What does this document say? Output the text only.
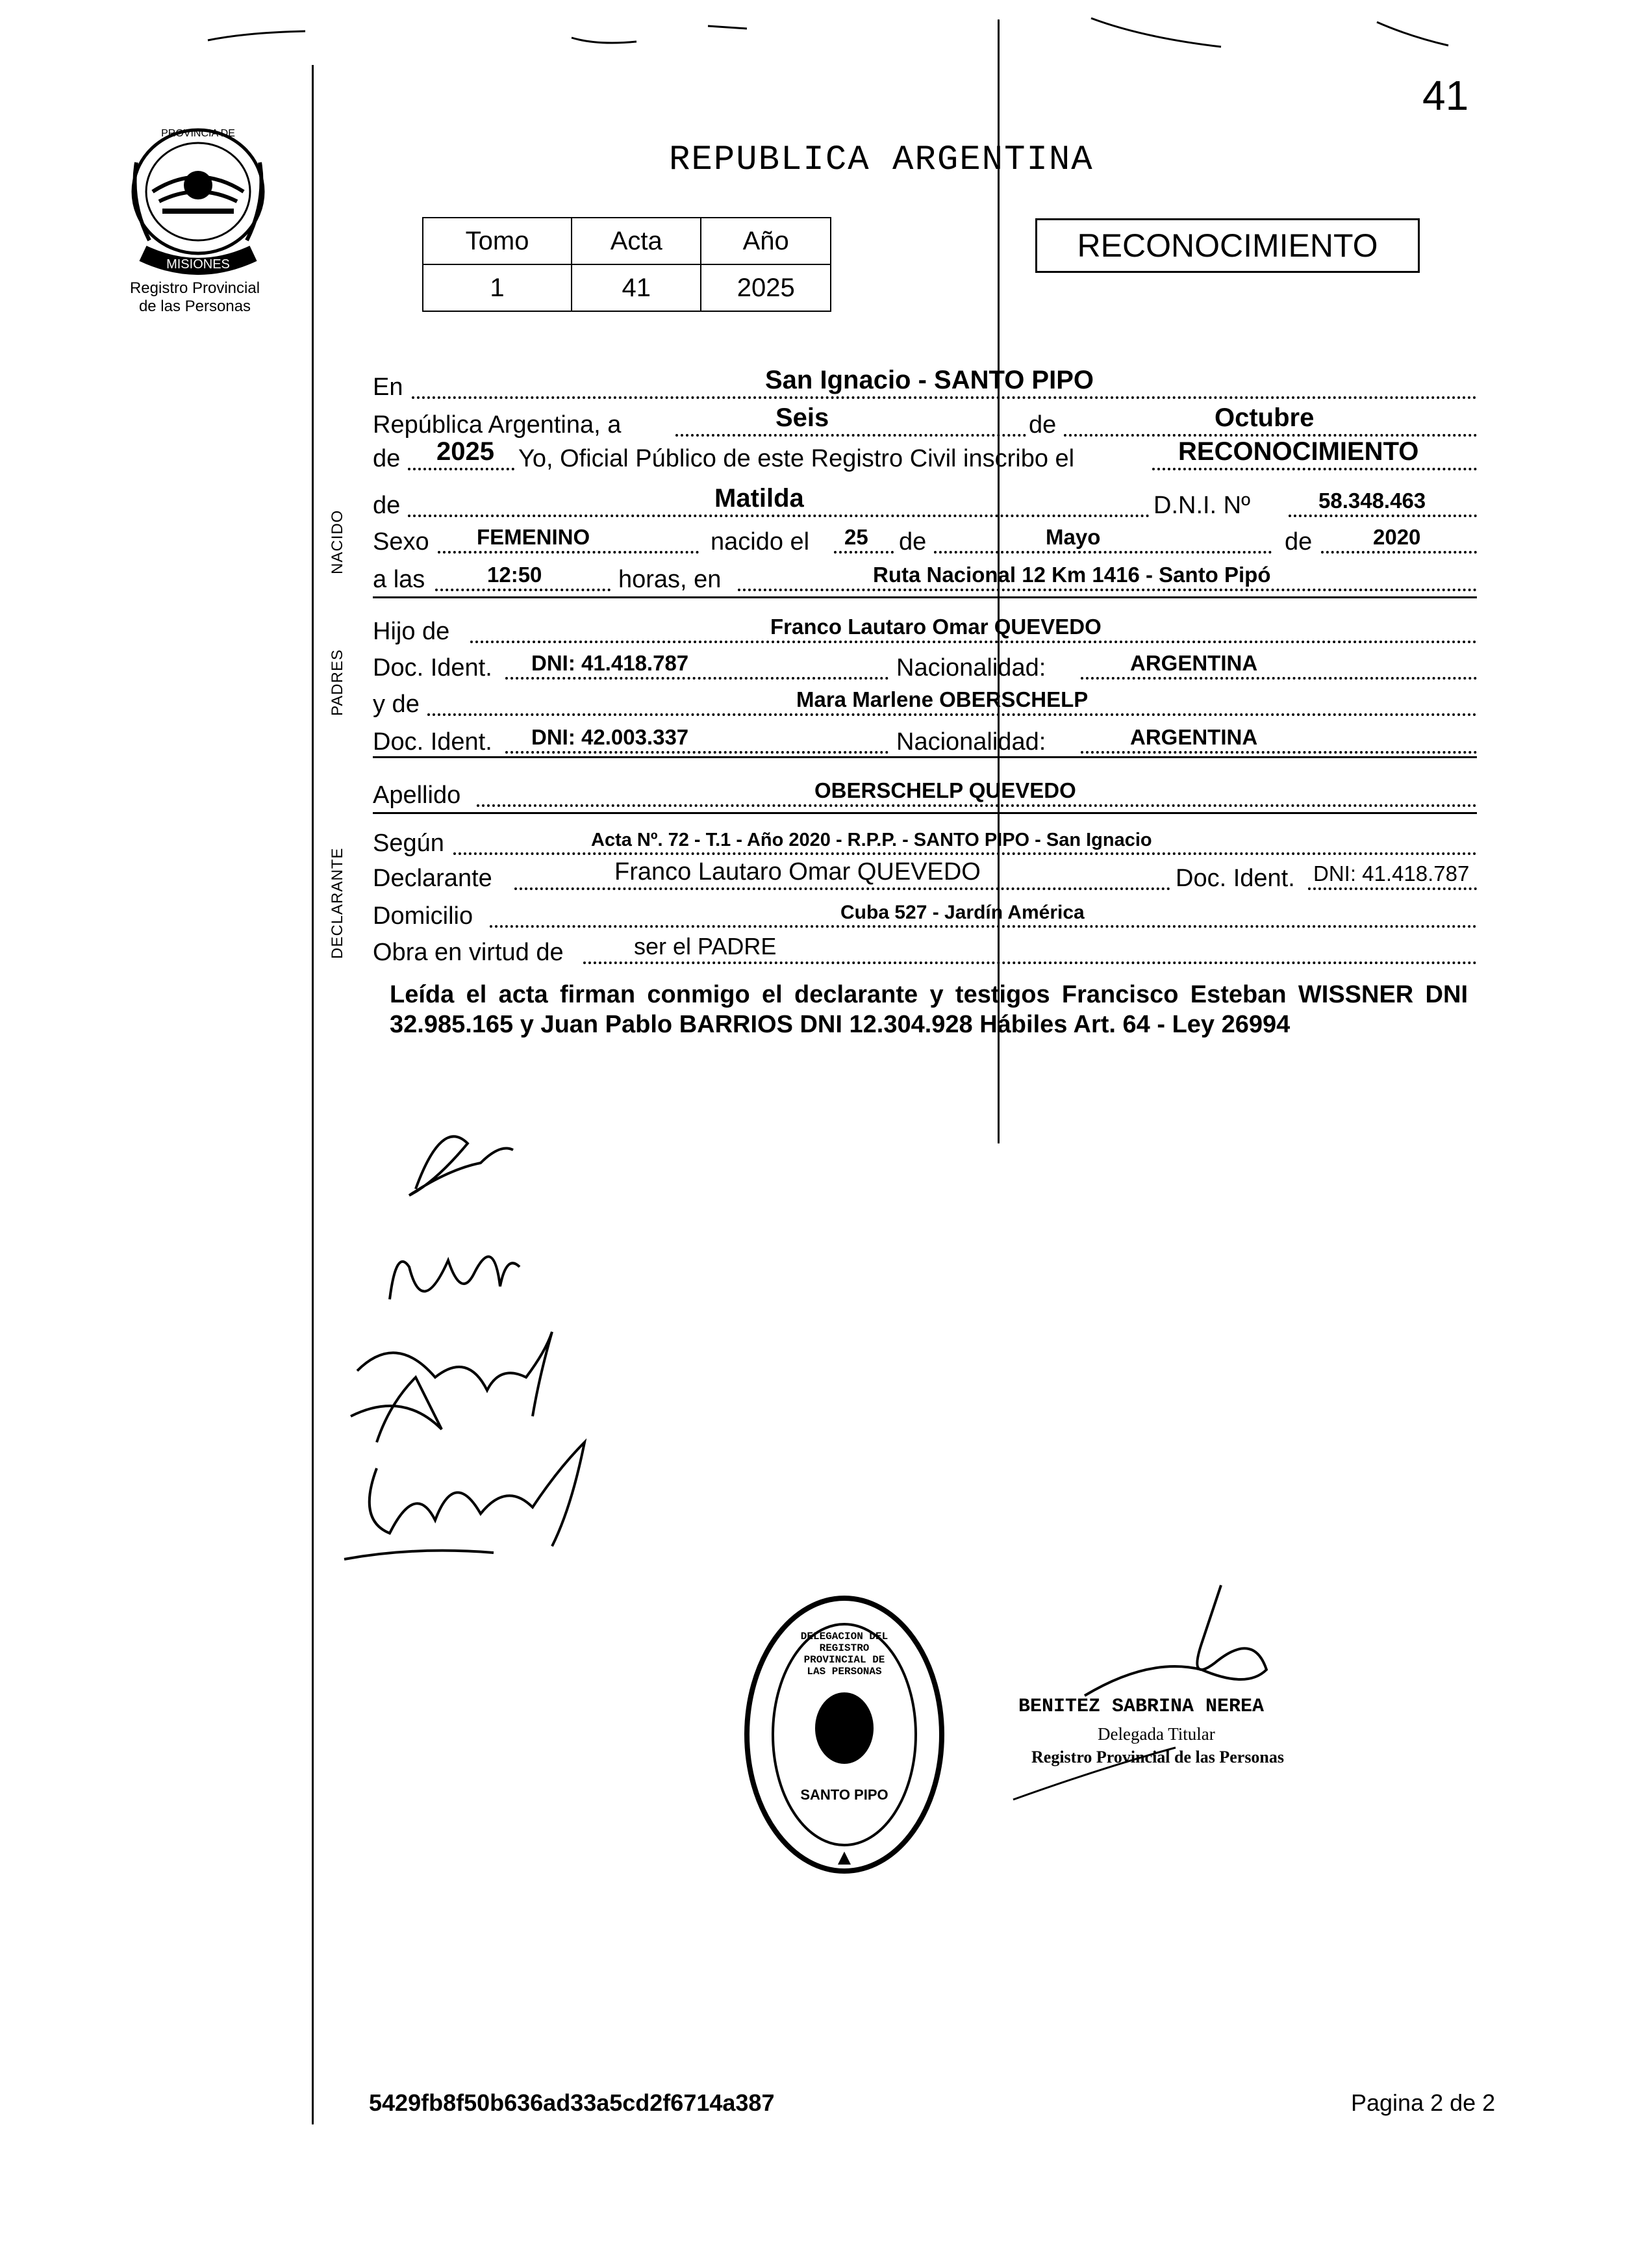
41
PROVINCIA DE
MISIONES
Registro Provincial
de las Personas
REPUBLICA ARGENTINA
Tomo	Acta	Año
1	41	2025
RECONOCIMIENTO
En	San Ignacio - SANTO PIPO
República Argentina, a	Seis	de	Octubre
de 2025 Yo, Oficial Público de este Registro Civil inscribo el	RECONOCIMIENTO
NACIDO
de	Matilda	D.N.I. Nº	58.348.463
Sexo FEMENINO	nacido el 25 de	Mayo	de	2020
a las	12:50	horas, en	Ruta Nacional 12 Km 1416 - Santo Pipó
PADRES
Hijo de	Franco Lautaro Omar QUEVEDO
Doc. Ident. DNI: 41.418.787	Nacionalidad:	ARGENTINA
y de	Mara Marlene OBERSCHELP
Doc. Ident. DNI: 42.003.337	Nacionalidad:	ARGENTINA
Apellido	OBERSCHELP QUEVEDO
DECLARANTE
Según	Acta Nº. 72 - T.1 - Año 2020 - R.P.P. - SANTO PIPO - San Ignacio
Declarante	Franco Lautaro Omar QUEVEDO	Doc. Ident. DNI: 41.418.787
Domicilio	Cuba 527 - Jardín América
Obra en virtud de	ser el PADRE
Leída el acta firman conmigo el declarante y testigos Francisco Esteban WISSNER DNI 32.985.165 y Juan Pablo BARRIOS DNI 12.304.928 Hábiles Art. 64 - Ley 26994
DELEGACION DEL REGISTRO PROVINCIAL DE LAS PERSONAS
SANTO PIPO
BENITEZ SABRINA NEREA
Delegada Titular
Registro Provincial de las Personas
5429fb8f50b636ad33a5cd2f6714a387	Pagina 2 de 2
